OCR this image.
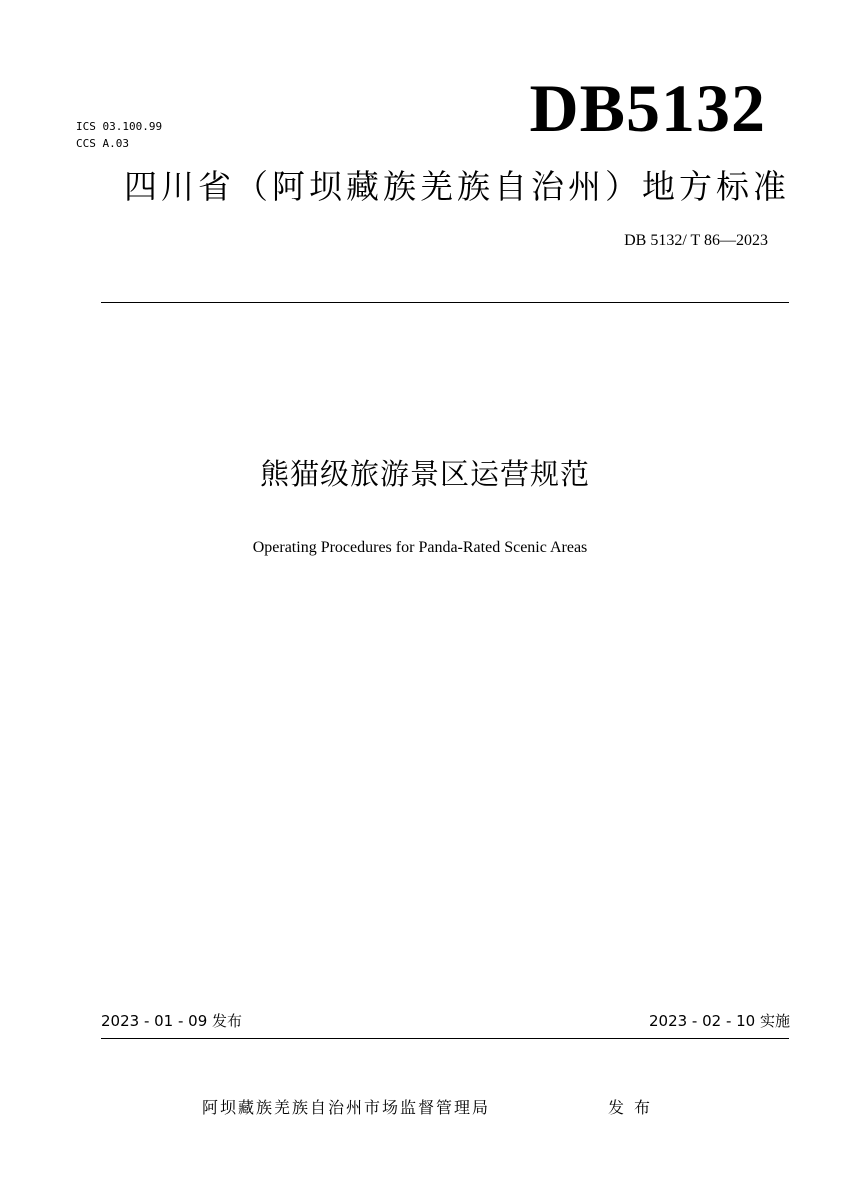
ICS 03.100.99
CCS A.03	DB5132
四川省（阿坝藏族羌族自治州）地方标准
DB 5132/ T 86—2023
熊猫级旅游景区运营规范
Operating Procedures for Panda-Rated Scenic Areas
2023 - 01 - 09 发布	2023 - 02 - 10 实施
阿坝藏族羌族自治州市场监督管理局	发布
